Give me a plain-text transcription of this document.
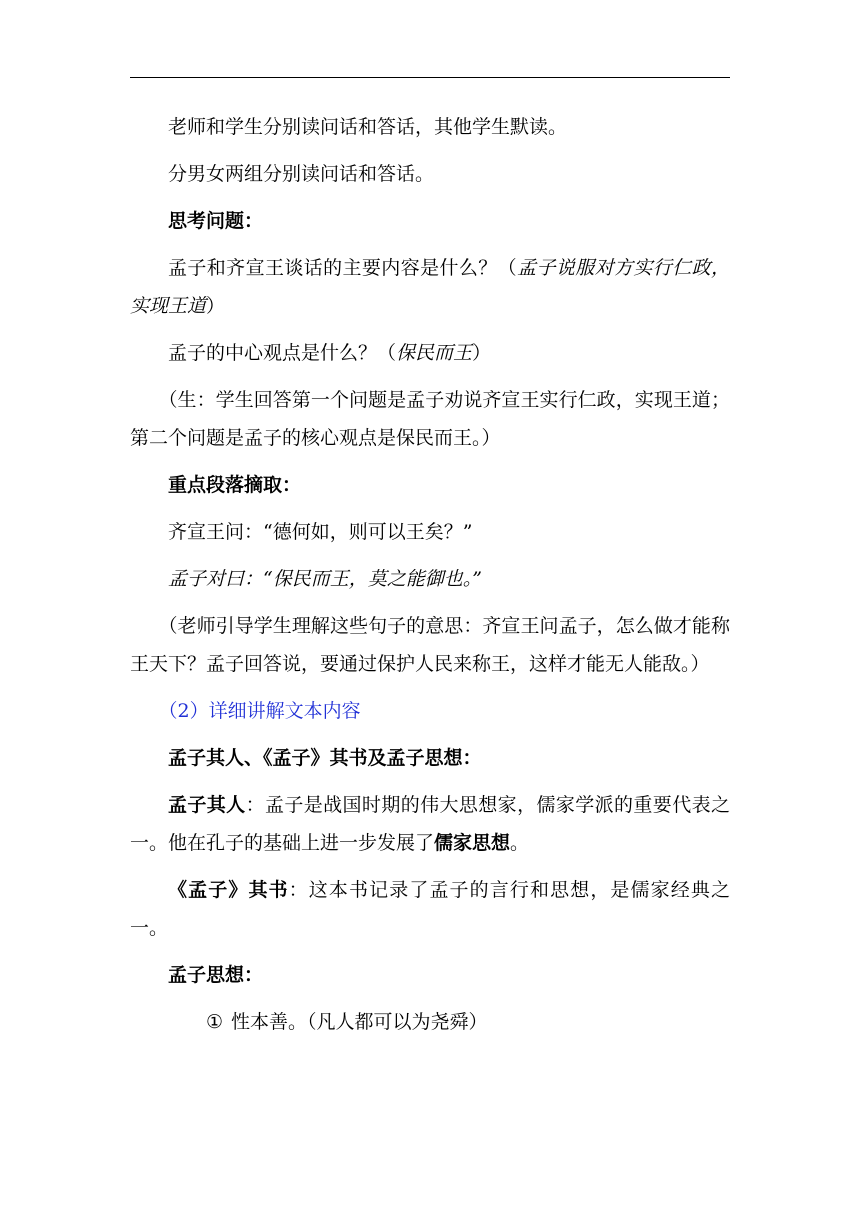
老师和学生分别读问话和答话，其他学生默读。

分男女两组分别读问话和答话。

思考问题：

孟子和齐宣王谈话的主要内容是什么？（孟子说服对方实行仁政，实现王道）

孟子的中心观点是什么？（保民而王）

（生：学生回答第一个问题是孟子劝说齐宣王实行仁政，实现王道；第二个问题是孟子的核心观点是保民而王。）

重点段落摘取：

齐宣王问：“德何如，则可以王矣？”

孟子对曰：“保民而王，莫之能御也。”

（老师引导学生理解这些句子的意思：齐宣王问孟子，怎么做才能称王天下？孟子回答说，要通过保护人民来称王，这样才能无人能敌。）

（2）详细讲解文本内容

孟子其人、《孟子》其书及孟子思想：

孟子其人：孟子是战国时期的伟大思想家，儒家学派的重要代表之一。他在孔子的基础上进一步发展了儒家思想。

《孟子》其书：这本书记录了孟子的言行和思想，是儒家经典之一。

孟子思想：

① 性本善。（凡人都可以为尧舜）
